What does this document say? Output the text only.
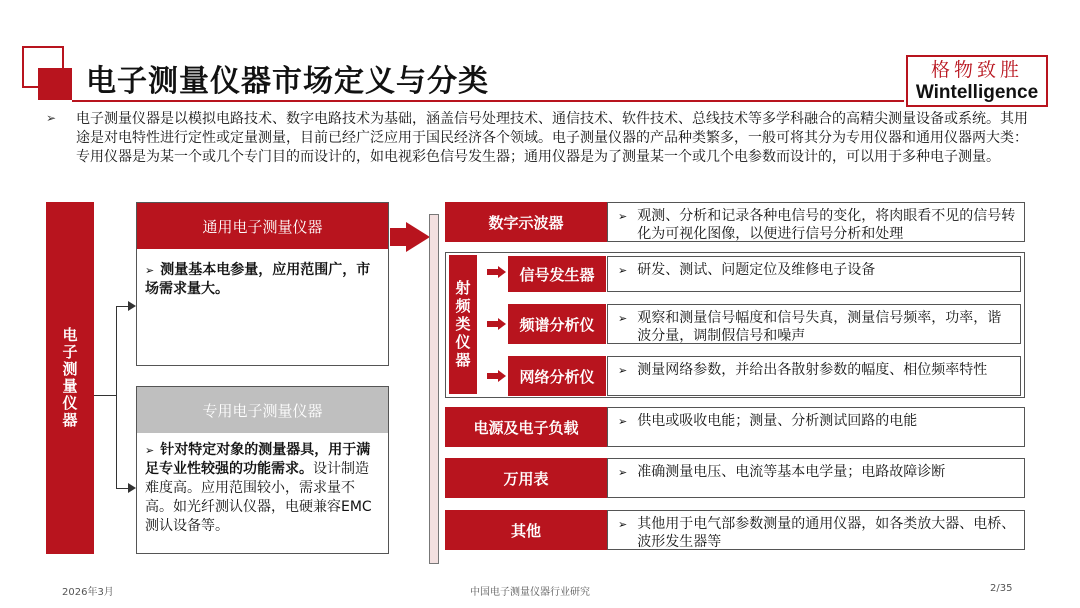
电子测量仪器市场定义与分类	格物致胜
Wintelligence
➢ 电子测量仪器是以模拟电路技术、数字电路技术为基础，涵盖信号处理技术、通信技术、软件技术、总线技术等多学科融合的高精尖测量设备或系统。其用途是对电特性进行定性或定量测量，目前已经广泛应用于国民经济各个领域。电子测量仪器的产品种类繁多，一般可将其分为专用仪器和通用仪器两大类：专用仪器是为某一个或几个专门目的而设计的，如电视彩色信号发生器；通用仪器是为了测量某一个或几个电参数而设计的，可以用于多种电子测量。
电子测量仪器
通用电子测量仪器
➢ 测量基本电参量，应用范围广，市场需求量大。
专用电子测量仪器
➢ 针对特定对象的测量器具，用于满足专业性较强的功能需求。设计制造难度高。应用范围较小，需求量不高。如光纤测认仪器，电硬兼容EMC测认设备等。
数字示波器	➢ 观测、分析和记录各种电信号的变化，将肉眼看不见的信号转化为可视化图像，以便进行信号分析和处理
射频类仪器
信号发生器	➢ 研发、测试、问题定位及维修电子设备
频谱分析仪	➢ 观察和测量信号幅度和信号失真，测量信号频率，功率，谐波分量，调制假信号和噪声
网络分析仪	➢ 测量网络参数，并给出各散射参数的幅度、相位频率特性
电源及电子负载	➢ 供电或吸收电能；测量、分析测试回路的电能
万用表	➢ 准确测量电压、电流等基本电学量；电路故障诊断
其他	➢ 其他用于电气部参数测量的通用仪器，如各类放大器、电桥、波形发生器等
2026年3月	中国电子测量仪器行业研究	2/35
